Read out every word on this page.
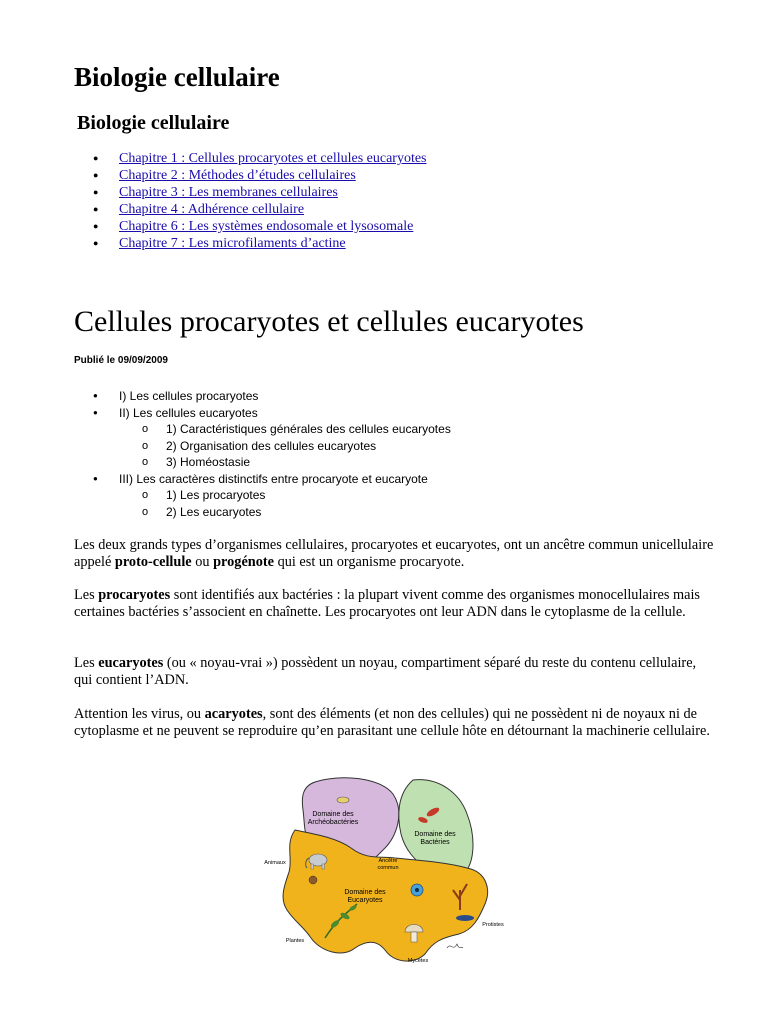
Biologie cellulaire
Biologie cellulaire
● Chapitre 1 : Cellules procaryotes et cellules eucaryotes
● Chapitre 2 : Méthodes d’études cellulaires
● Chapitre 3 : Les membranes cellulaires
● Chapitre 4 : Adhérence cellulaire
● Chapitre 6 : Les systèmes endosomale et lysosomale
● Chapitre 7 : Les microfilaments d’actine
Cellules procaryotes et cellules eucaryotes
Publié le 09/09/2009
● I) Les cellules procaryotes
● II) Les cellules eucaryotes
o 1) Caractéristiques générales des cellules eucaryotes
o 2) Organisation des cellules eucaryotes
o 3) Homéostasie
● III) Les caractères distinctifs entre procaryote et eucaryote
o 1) Les procaryotes
o 2) Les eucaryotes

Les deux grands types d’organismes cellulaires, procaryotes et eucaryotes, ont un ancêtre commun unicellulaire appelé proto-cellule ou progénote qui est un organisme procaryote.

Les procaryotes sont identifiés aux bactéries : la plupart vivent comme des organismes monocellulaires mais certaines bactéries s’associent en chaînette. Les procaryotes ont leur ADN dans le cytoplasme de la cellule.

Les eucaryotes (ou « noyau-vrai ») possèdent un noyau, compartiment séparé du reste du contenu cellulaire, qui contient l’ADN.

Attention les virus, ou acaryotes, sont des éléments (et non des cellules) qui ne possèdent ni de noyaux ni de cytoplasme et ne peuvent se reproduire qu’en parasitant une cellule hôte en détournant la machinerie cellulaire.

Domaine des
Archéobactéries
Domaine des
Bactéries
Ancêtre
commun
Domaine des
Eucaryotes
Animaux
Plantes
Mycètes
Protistes
